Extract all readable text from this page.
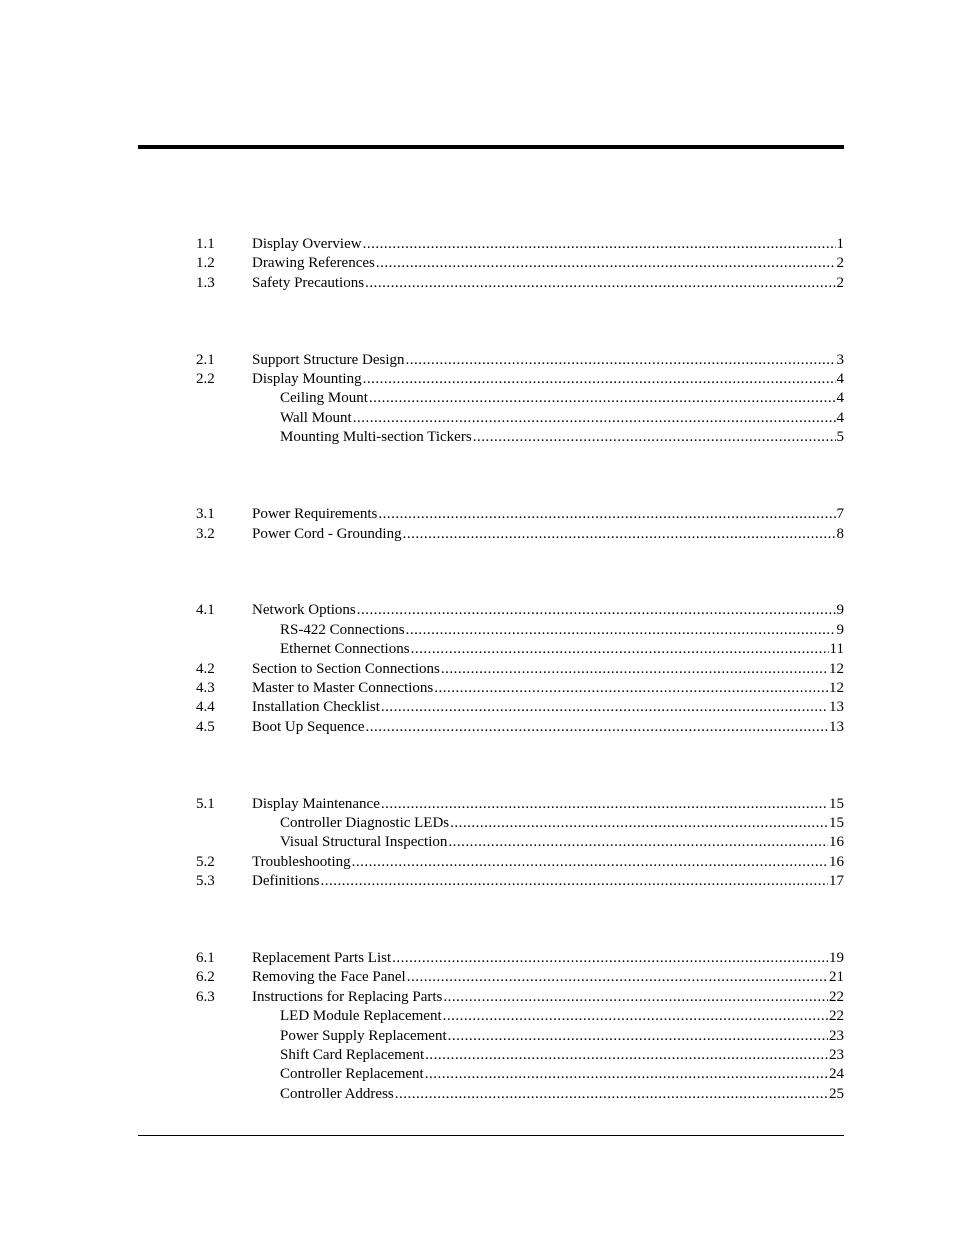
1.1	Display Overview .....	1
1.2	Drawing References .....	2
1.3	Safety Precautions .....	2
2.1	Support Structure Design .....	3
2.2	Display Mounting .....	4
Ceiling Mount .....	4
Wall Mount .....	4
Mounting Multi-section Tickers .....	5
3.1	Power Requirements .....	7
3.2	Power Cord - Grounding .....	8
4.1	Network Options .....	9
RS-422 Connections .....	9
Ethernet Connections .....	11
4.2	Section to Section Connections .....	12
4.3	Master to Master Connections .....	12
4.4	Installation Checklist .....	13
4.5	Boot Up Sequence .....	13
5.1	Display Maintenance .....	15
Controller Diagnostic LEDs .....	15
Visual Structural Inspection .....	16
5.2	Troubleshooting .....	16
5.3	Definitions .....	17
6.1	Replacement Parts List .....	19
6.2	Removing the Face Panel .....	21
6.3	Instructions for Replacing Parts .....	22
LED Module Replacement .....	22
Power Supply Replacement .....	23
Shift Card Replacement .....	23
Controller Replacement .....	24
Controller Address .....	25
